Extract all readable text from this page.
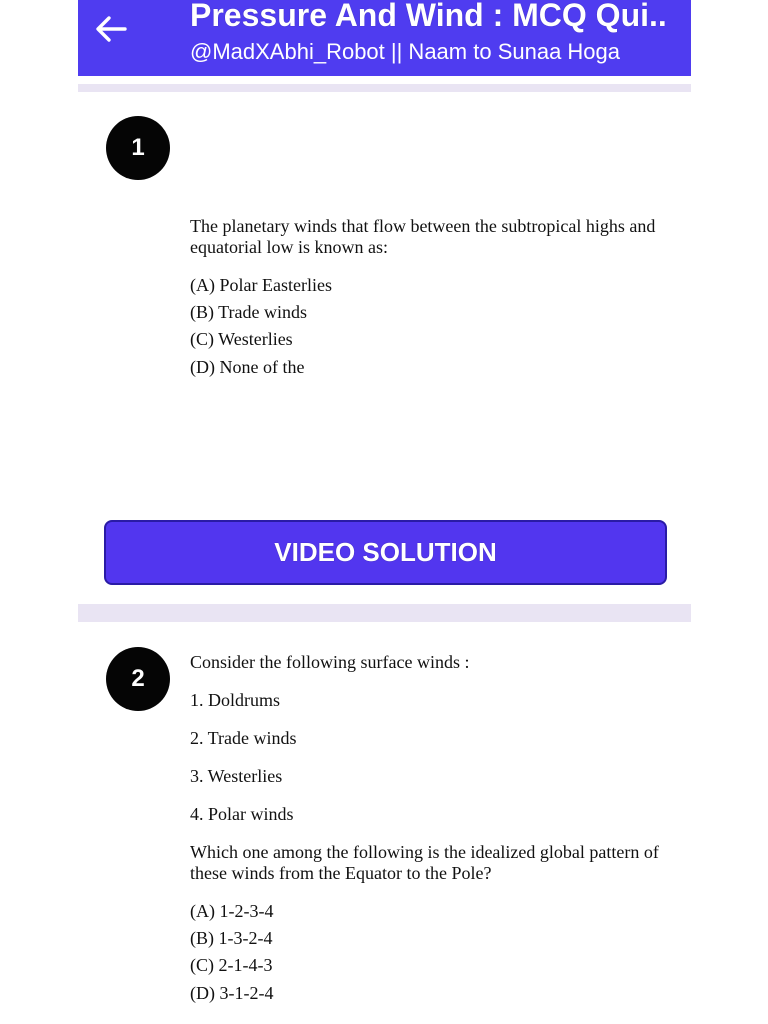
Pressure And Wind : MCQ Qui..
@MadXAbhi_Robot || Naam to Sunaa Hoga
1
The planetary winds that flow between the subtropical highs and equatorial low is known as:
(A) Polar Easterlies
(B) Trade winds
(C) Westerlies
(D) None of the
VIDEO SOLUTION
2
Consider the following surface winds :
1. Doldrums
2. Trade winds
3. Westerlies
4. Polar winds
Which one among the following is the idealized global pattern of these winds from the Equator to the Pole?
(A) 1-2-3-4
(B) 1-3-2-4
(C) 2-1-4-3
(D) 3-1-2-4
